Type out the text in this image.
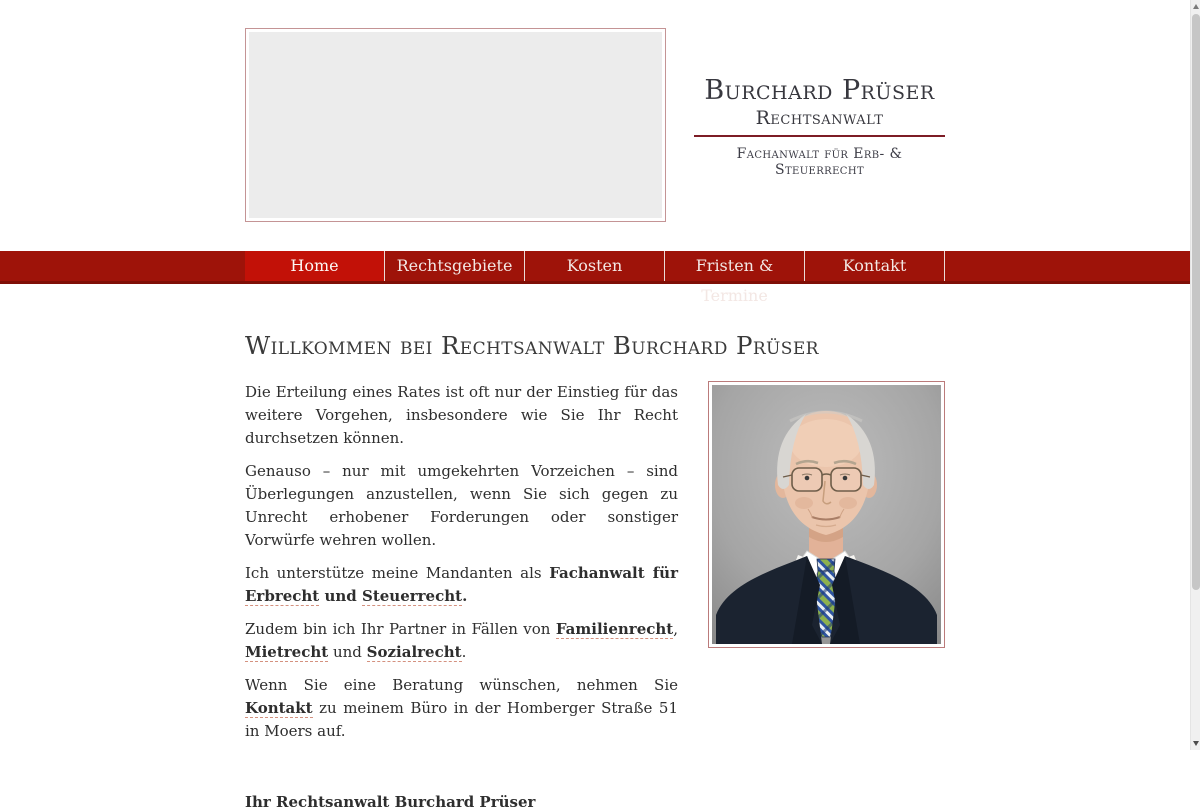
Burchard Prüser
Rechtsanwalt
Fachanwalt für Erb- & Steuerrecht
Home	Rechtsgebiete	Kosten	Fristen & Termine
Kontakt
Willkommen bei Rechtsanwalt Burchard Prüser

Die Erteilung eines Rates ist oft nur der Einstieg für das weitere Vorgehen, insbesondere wie Sie Ihr Recht durchsetzen können.

Genauso – nur mit umgekehrten Vorzeichen – sind Überlegungen anzustellen, wenn Sie sich gegen zu Unrecht erhobener Forderungen oder sonstiger Vorwürfe wehren wollen.

Ich unterstütze meine Mandanten als Fachanwalt für Erbrecht und Steuerrecht.

Zudem bin ich Ihr Partner in Fällen von Familienrecht, Mietrecht und Sozialrecht.

Wenn Sie eine Beratung wünschen, nehmen Sie Kontakt zu meinem Büro in der Homberger Straße 51 in Moers auf.

Ihr Rechtsanwalt Burchard Prüser
